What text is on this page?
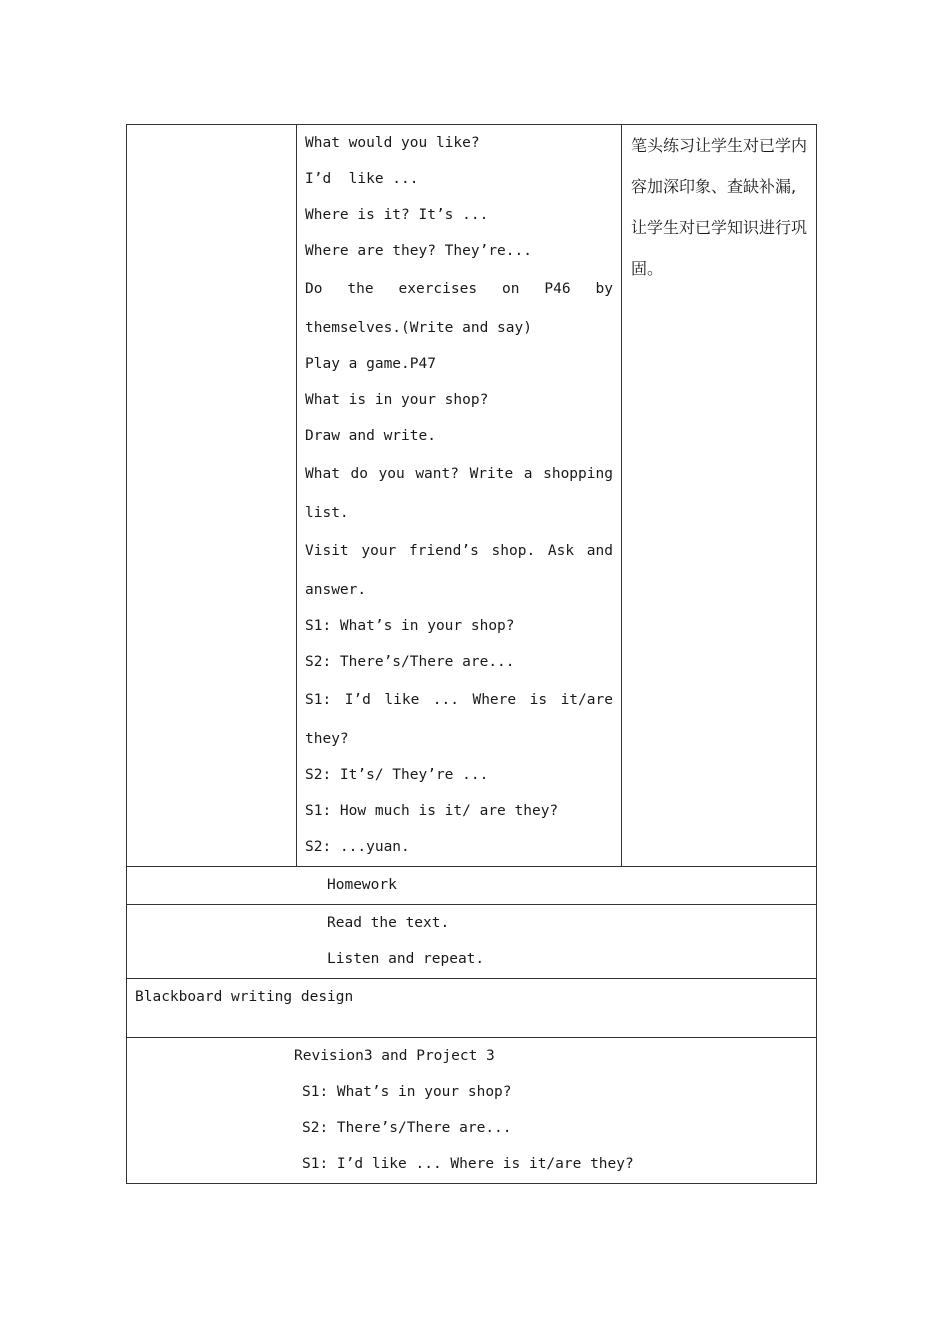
What would you like?
I’d  like ...
Where is it? It’s ...
Where are they? They’re...
Do the exercises on P46 by
themselves.(Write and say)
Play a game.P47
What is in your shop?
Draw and write.
What do you want? Write a shopping
list.
Visit your friend’s shop. Ask and
answer.
S1: What’s in your shop?
S2: There’s/There are...
S1: I’d like ... Where is it/are
they?
S2: It’s/ They’re ...
S1: How much is it/ are they?
S2: ...yuan.

笔头练习让学生对已学内容加深印象、查缺补漏,让学生对已学知识进行巩固。

Homework

Read the text.
Listen and repeat.

Blackboard writing design

Revision3 and Project 3
S1: What’s in your shop?
S2: There’s/There are...
S1: I’d like ... Where is it/are they?
